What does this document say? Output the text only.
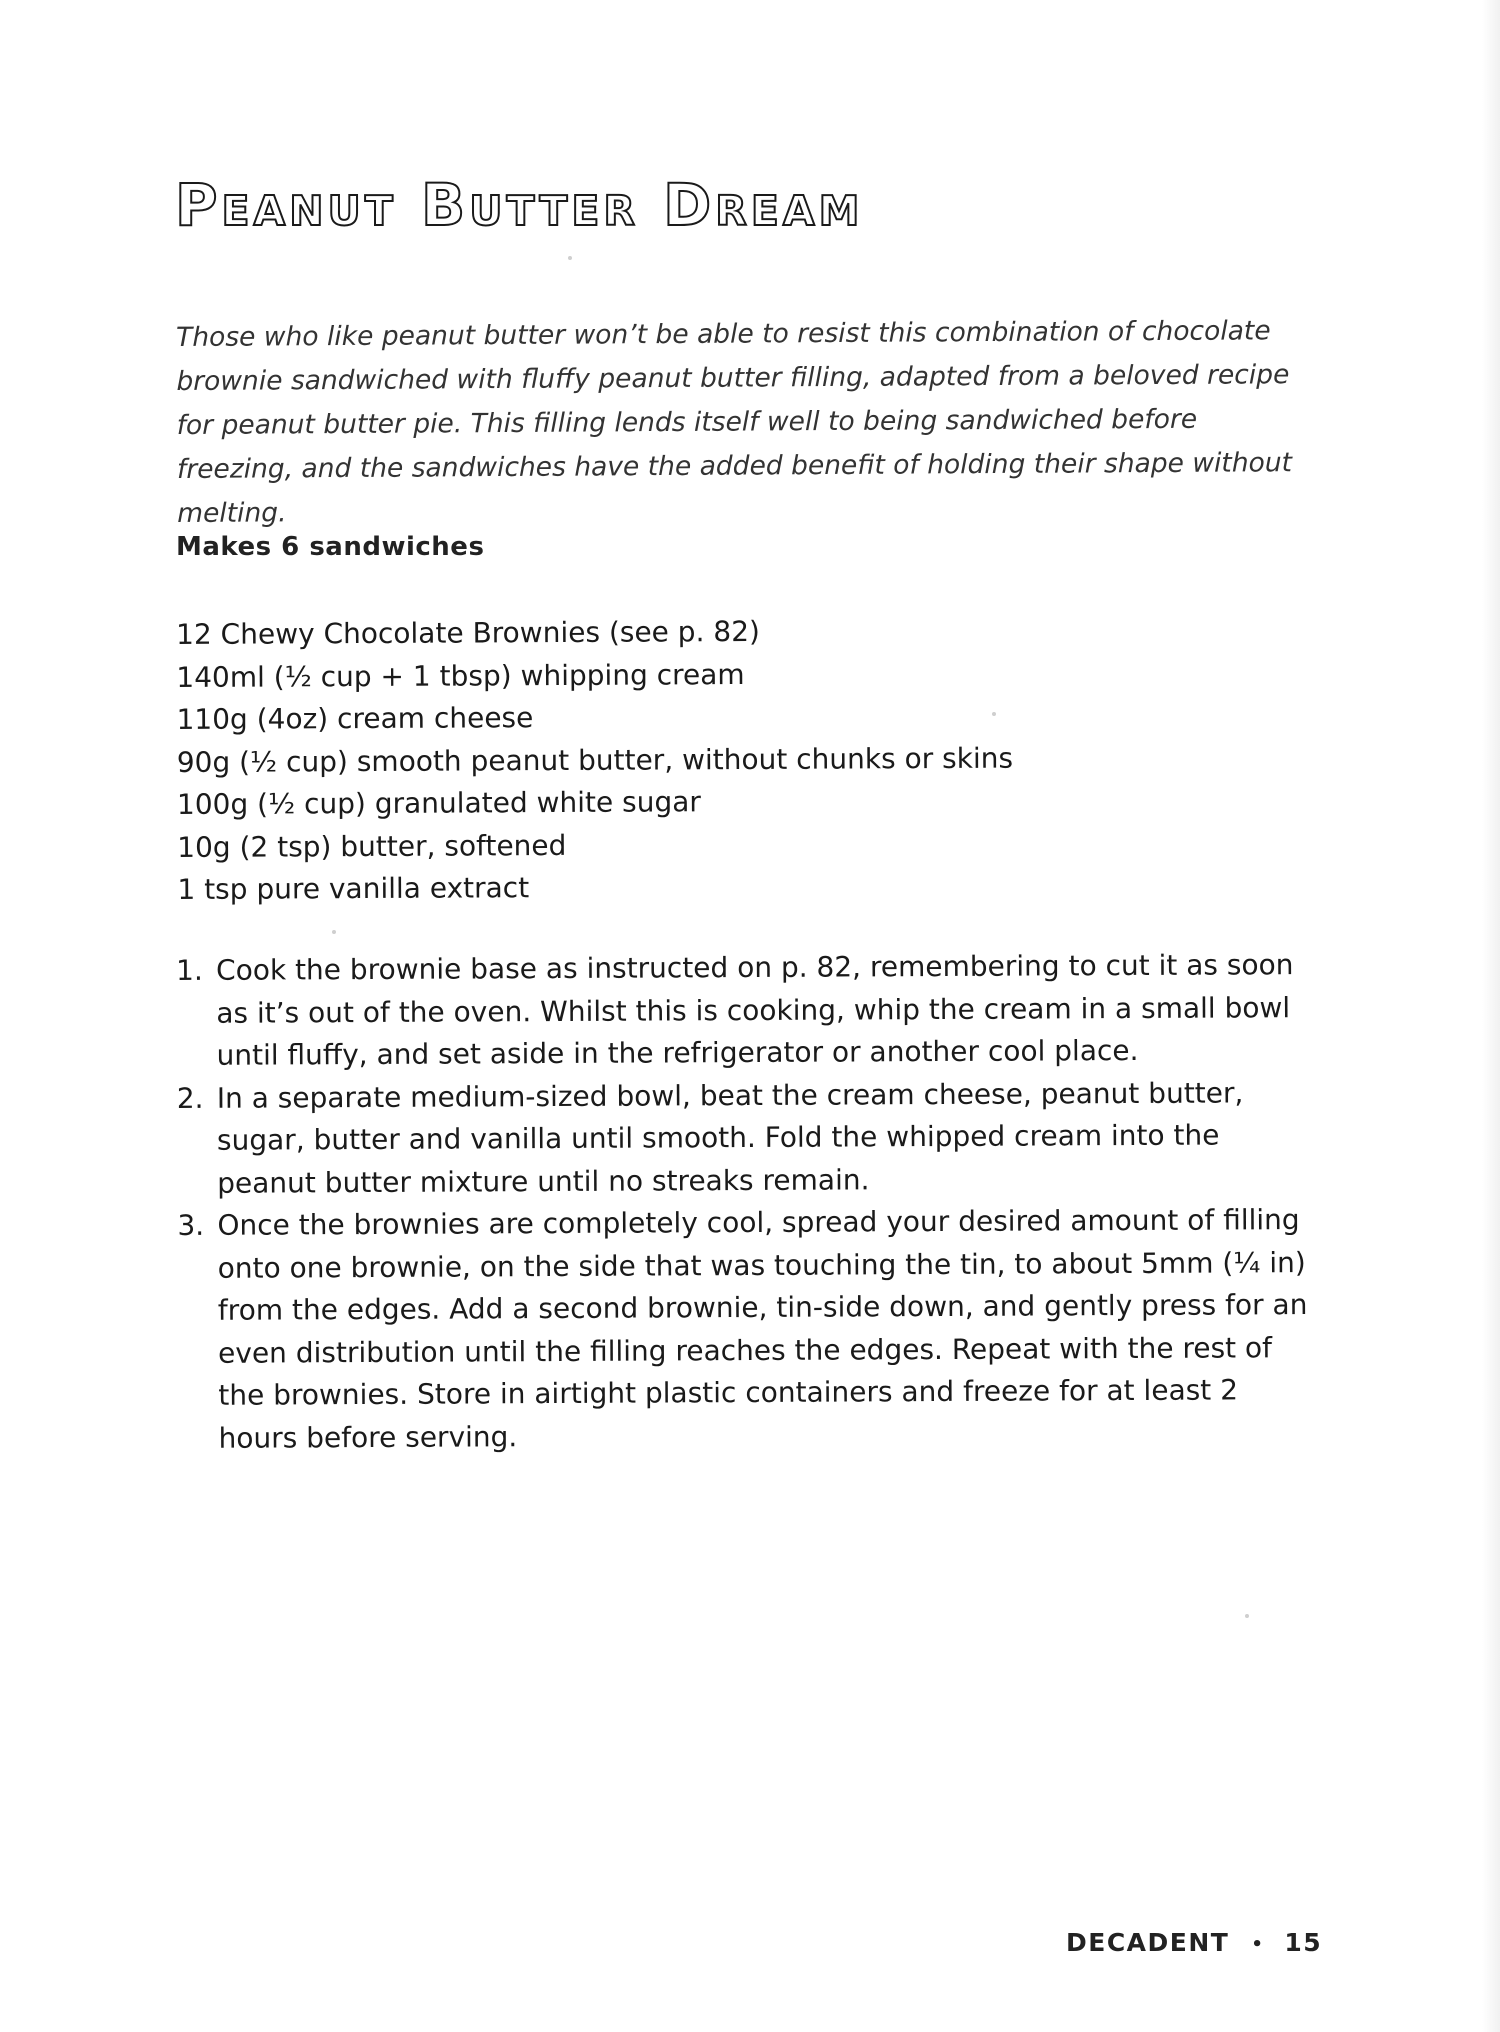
Peanut Butter Dream

Those who like peanut butter won’t be able to resist this combination of chocolate brownie sandwiched with fluffy peanut butter filling, adapted from a beloved recipe for peanut butter pie. This filling lends itself well to being sandwiched before freezing, and the sandwiches have the added benefit of holding their shape without melting.

Makes 6 sandwiches

12 Chewy Chocolate Brownies (see p. 82)
140ml (½ cup + 1 tbsp) whipping cream
110g (4oz) cream cheese
90g (½ cup) smooth peanut butter, without chunks or skins
100g (½ cup) granulated white sugar
10g (2 tsp) butter, softened
1 tsp pure vanilla extract
1. Cook the brownie base as instructed on p. 82, remembering to cut it as soon as it’s out of the oven. Whilst this is cooking, whip the cream in a small bowl until fluffy, and set aside in the refrigerator or another cool place.
2. In a separate medium-sized bowl, beat the cream cheese, peanut butter, sugar, butter and vanilla until smooth. Fold the whipped cream into the peanut butter mixture until no streaks remain.
3. Once the brownies are completely cool, spread your desired amount of filling onto one brownie, on the side that was touching the tin, to about 5mm (¼ in) from the edges. Add a second brownie, tin-side down, and gently press for an even distribution until the filling reaches the edges. Repeat with the rest of the brownies. Store in airtight plastic containers and freeze for at least 2 hours before serving.
DECADENT • 15
